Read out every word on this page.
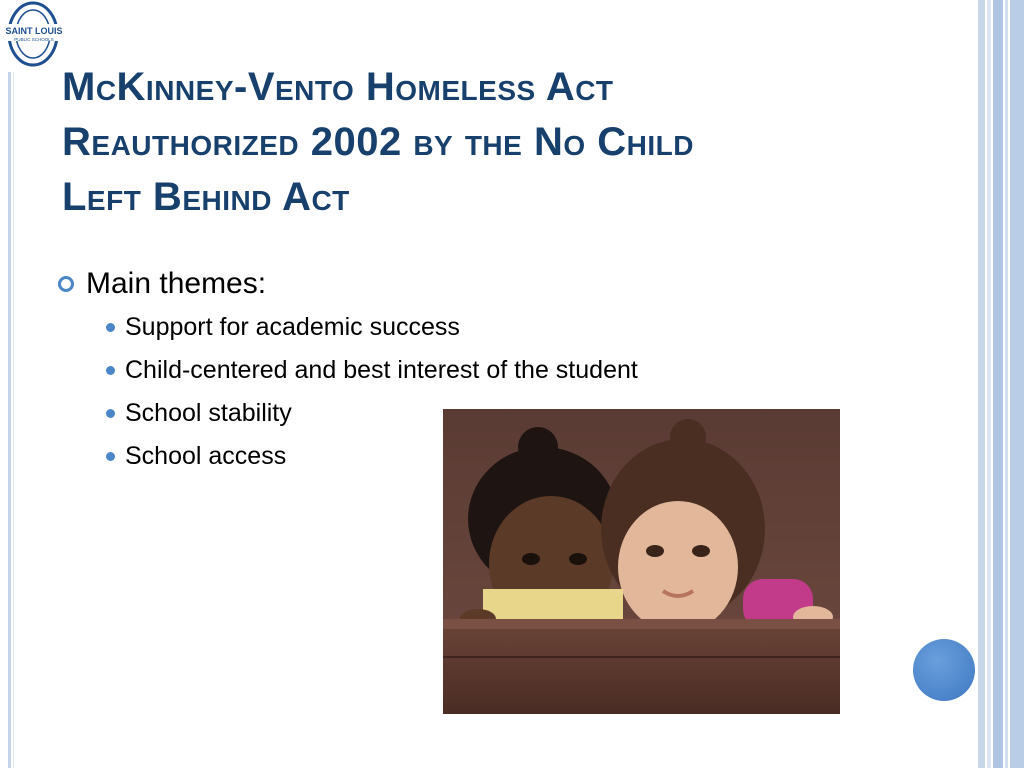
SAINT LOUIS
PUBLIC SCHOOLS
McKinney-Vento Homeless Act
Reauthorized 2002 by the No Child
Left Behind Act
Main themes:
Support for academic success
Child-centered and best interest of the student
School stability
School access
